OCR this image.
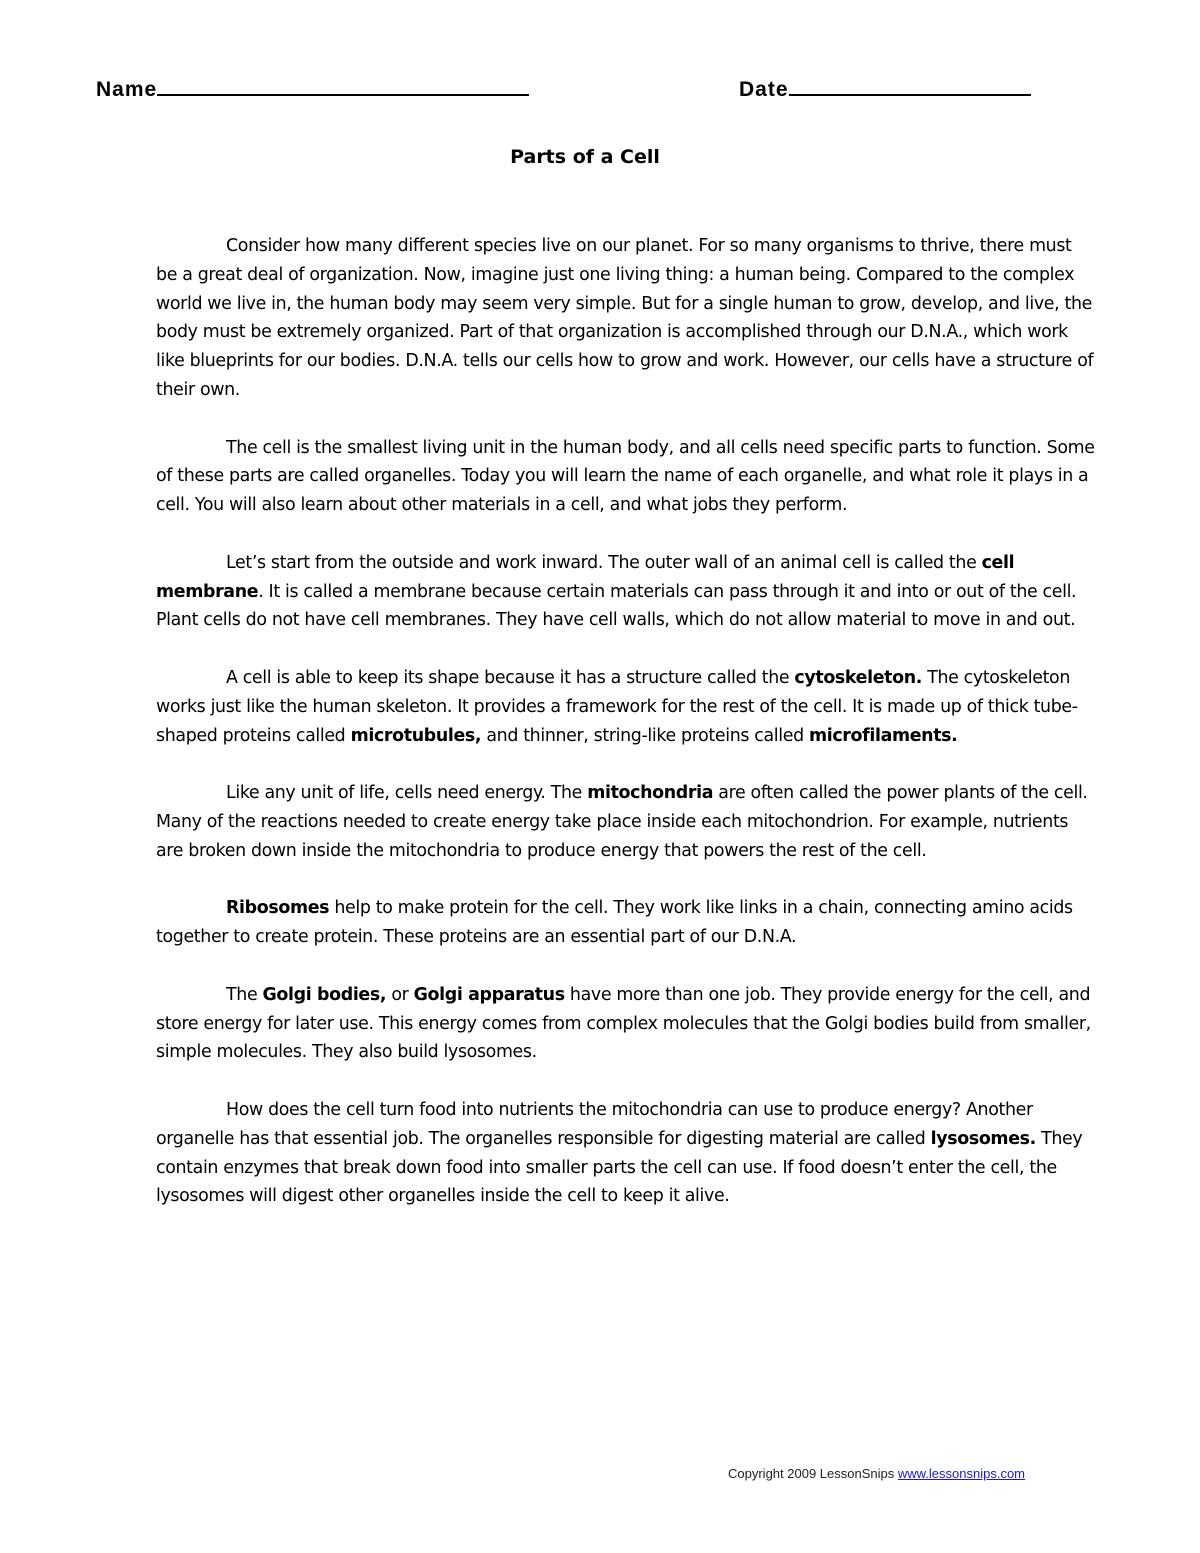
Name	Date
Parts of a Cell

Consider how many different species live on our planet. For so many organisms to thrive, there must be a great deal of organization. Now, imagine just one living thing: a human being. Compared to the complex world we live in, the human body may seem very simple. But for a single human to grow, develop, and live, the body must be extremely organized. Part of that organization is accomplished through our D.N.A., which work like blueprints for our bodies. D.N.A. tells our cells how to grow and work. However, our cells have a structure of their own.

The cell is the smallest living unit in the human body, and all cells need specific parts to function. Some of these parts are called organelles. Today you will learn the name of each organelle, and what role it plays in a cell. You will also learn about other materials in a cell, and what jobs they perform.

Let’s start from the outside and work inward. The outer wall of an animal cell is called the cell membrane. It is called a membrane because certain materials can pass through it and into or out of the cell. Plant cells do not have cell membranes. They have cell walls, which do not allow material to move in and out.

A cell is able to keep its shape because it has a structure called the cytoskeleton. The cytoskeleton works just like the human skeleton. It provides a framework for the rest of the cell. It is made up of thick tube-shaped proteins called microtubules, and thinner, string-like proteins called microfilaments.

Like any unit of life, cells need energy. The mitochondria are often called the power plants of the cell. Many of the reactions needed to create energy take place inside each mitochondrion. For example, nutrients are broken down inside the mitochondria to produce energy that powers the rest of the cell.

Ribosomes help to make protein for the cell. They work like links in a chain, connecting amino acids together to create protein. These proteins are an essential part of our D.N.A.

The Golgi bodies, or Golgi apparatus have more than one job. They provide energy for the cell, and store energy for later use. This energy comes from complex molecules that the Golgi bodies build from smaller, simple molecules. They also build lysosomes.

How does the cell turn food into nutrients the mitochondria can use to produce energy? Another organelle has that essential job. The organelles responsible for digesting material are called lysosomes. They contain enzymes that break down food into smaller parts the cell can use. If food doesn’t enter the cell, the lysosomes will digest other organelles inside the cell to keep it alive.

Copyright 2009 LessonSnips www.lessonsnips.com
